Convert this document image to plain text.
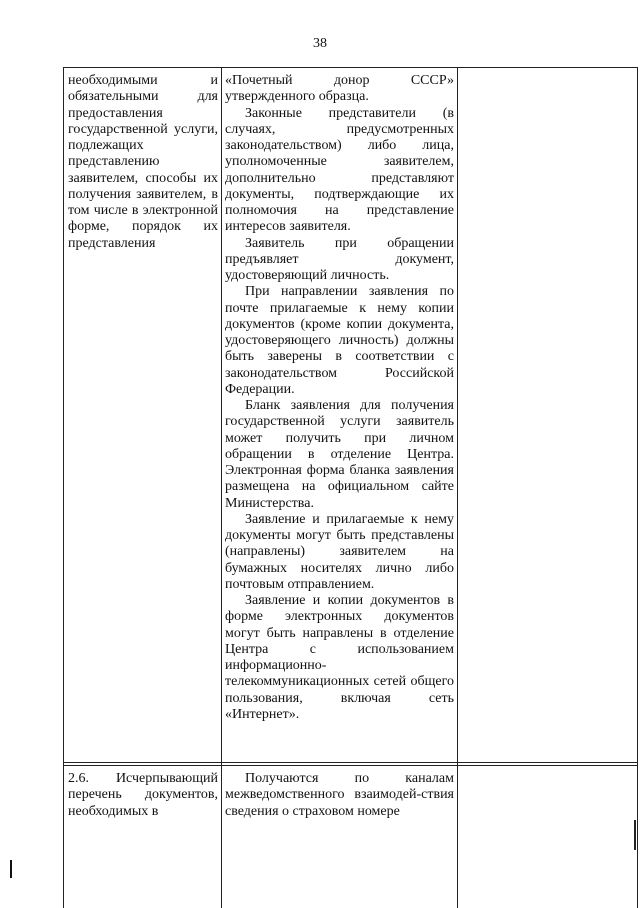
38

необходимыми и обязательными для предоставления государственной услуги, подлежащих представлению заявителем, способы их получения заявителем, в том числе в электронной форме, порядок их представления

«Почетный донор СССР» утвержденного образца.

Законные представители (в случаях, предусмотренных законодательством) либо лица, уполномоченные заявителем, дополнительно представляют документы, подтверждающие их полномочия на представление интересов заявителя.

Заявитель при обращении предъявляет документ, удостоверяющий личность.

При направлении заявления по почте прилагаемые к нему копии документов (кроме копии документа, удостоверяющего личность) должны быть заверены в соответствии с законодательством Российской Федерации.

Бланк заявления для получения государственной услуги заявитель может получить при личном обращении в отделение Центра. Электронная форма бланка заявления размещена на официальном сайте Министерства.

Заявление и прилагаемые к нему документы могут быть представлены (направлены) заявителем на бумажных носителях лично либо почтовым отправлением.

Заявление и копии документов в форме электронных документов могут быть направлены в отделение Центра с использованием информационно-телекоммуникационных сетей общего пользования, включая сеть «Интернет».

2.6. Исчерпывающий перечень документов, необходимых в

Получаются по каналам межведомственного взаимодей-ствия сведения о страховом номере
